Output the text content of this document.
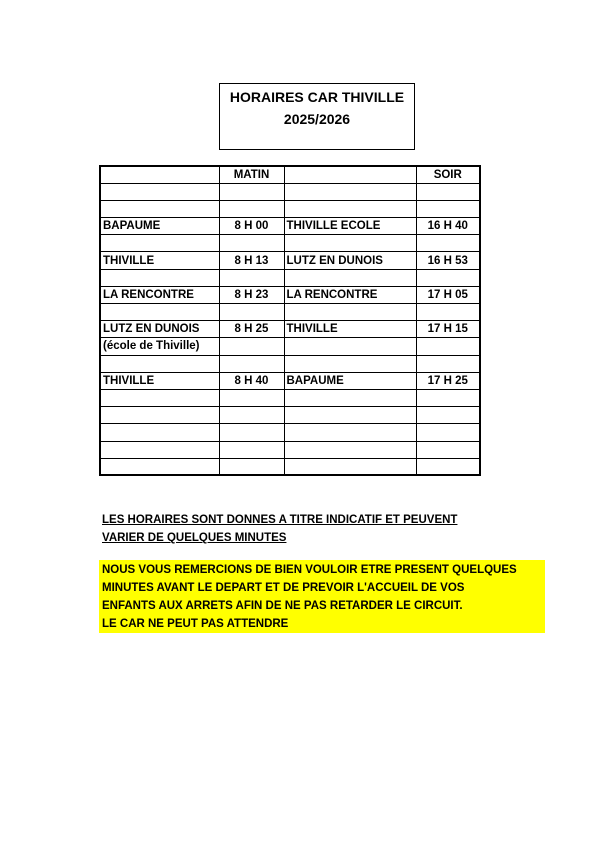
HORAIRES CAR THIVILLE
2025/2026
	MATIN		SOIR

BAPAUME	8 H 00	THIVILLE ECOLE	16 H 40

THIVILLE	8 H 13	LUTZ EN DUNOIS	16 H 53

LA RENCONTRE	8 H 23	LA RENCONTRE	17 H 05

LUTZ EN DUNOIS	8 H 25	THIVILLE	17 H 15
(école de Thiville)			

THIVILLE	8 H 40	BAPAUME	17 H 25

LES HORAIRES SONT DONNES A TITRE INDICATIF ET PEUVENT
VARIER DE QUELQUES MINUTES
NOUS VOUS REMERCIONS DE BIEN VOULOIR ETRE PRESENT QUELQUES
MINUTES AVANT LE DEPART ET DE PREVOIR L'ACCUEIL DE VOS
ENFANTS AUX ARRETS AFIN DE NE PAS RETARDER LE CIRCUIT.
LE CAR NE PEUT PAS ATTENDRE
